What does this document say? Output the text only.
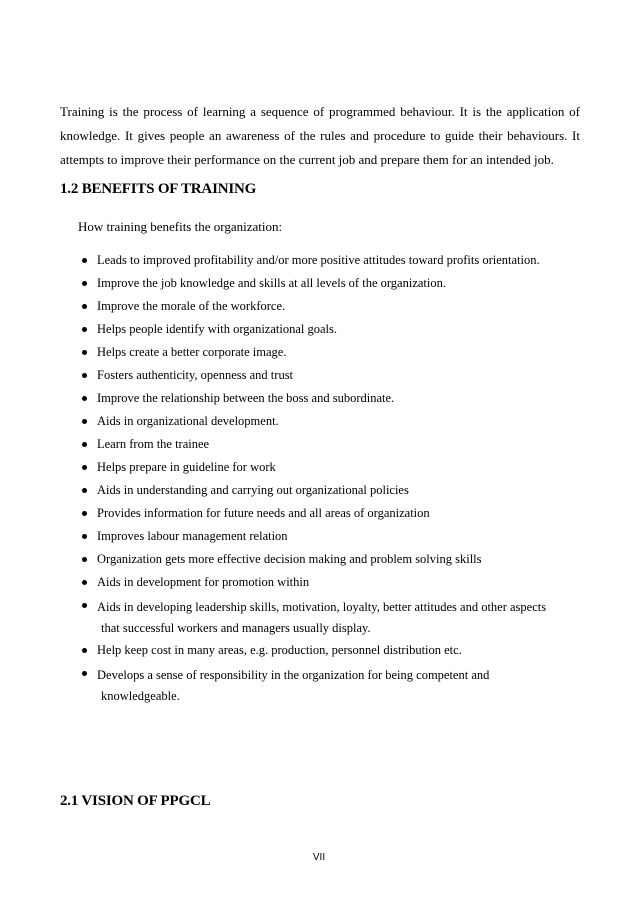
Training is the process of learning a sequence of programmed behaviour. It is the application of knowledge. It gives people an awareness of the rules and procedure to guide their behaviours. It attempts to improve their performance on the current job and prepare them for an intended job.

1.2 BENEFITS OF TRAINING

How training benefits the organization:

Leads to improved profitability and/or more positive attitudes toward profits orientation.
Improve the job knowledge and skills at all levels of the organization.
Improve the morale of the workforce.
Helps people identify with organizational goals.
Helps create a better corporate image.
Fosters authenticity, openness and trust
Improve the relationship between the boss and subordinate.
Aids in organizational development.
Learn from the trainee
Helps prepare in guideline for work
Aids in understanding and carrying out organizational policies
Provides information for future needs and all areas of organization
Improves labour management relation
Organization gets more effective decision making and problem solving skills
Aids in development for promotion within
Aids in developing leadership skills, motivation, loyalty, better attitudes and other aspects
that successful workers and managers usually display.
Help keep cost in many areas, e.g. production, personnel distribution etc.
Develops a sense of responsibility in the organization for being competent and
knowledgeable.
2.1 VISION OF PPGCL

VII
